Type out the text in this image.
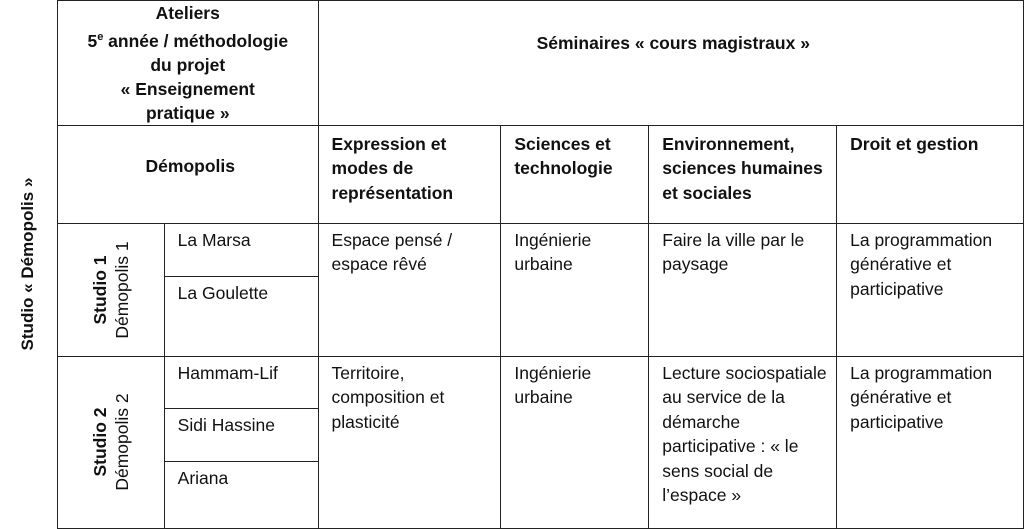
Studio « Démopolis »
Ateliers
5e année / méthodologie
du projet
« Enseignement
pratique »		Séminaires « cours magistraux »			
Démopolis		Expression et modes de représentation	Sciences et technologie	Environnement, sciences humaines et sociales	Droit et gestion

Studio 1 Démopolis 1	La Marsa	Espace pensé / espace rêvé	Ingénierie urbaine	Faire la ville par le paysage	La programmation générative et participative
	La Goulette				

Studio 2 Démopolis 2	Hammam-Lif	Territoire, composition et plasticité	Ingénierie urbaine	Lecture sociospatiale au service de la démarche participative : « le sens social de l’espace »	La programmation générative et participative
	Sidi Hassine				
	Ariana				
